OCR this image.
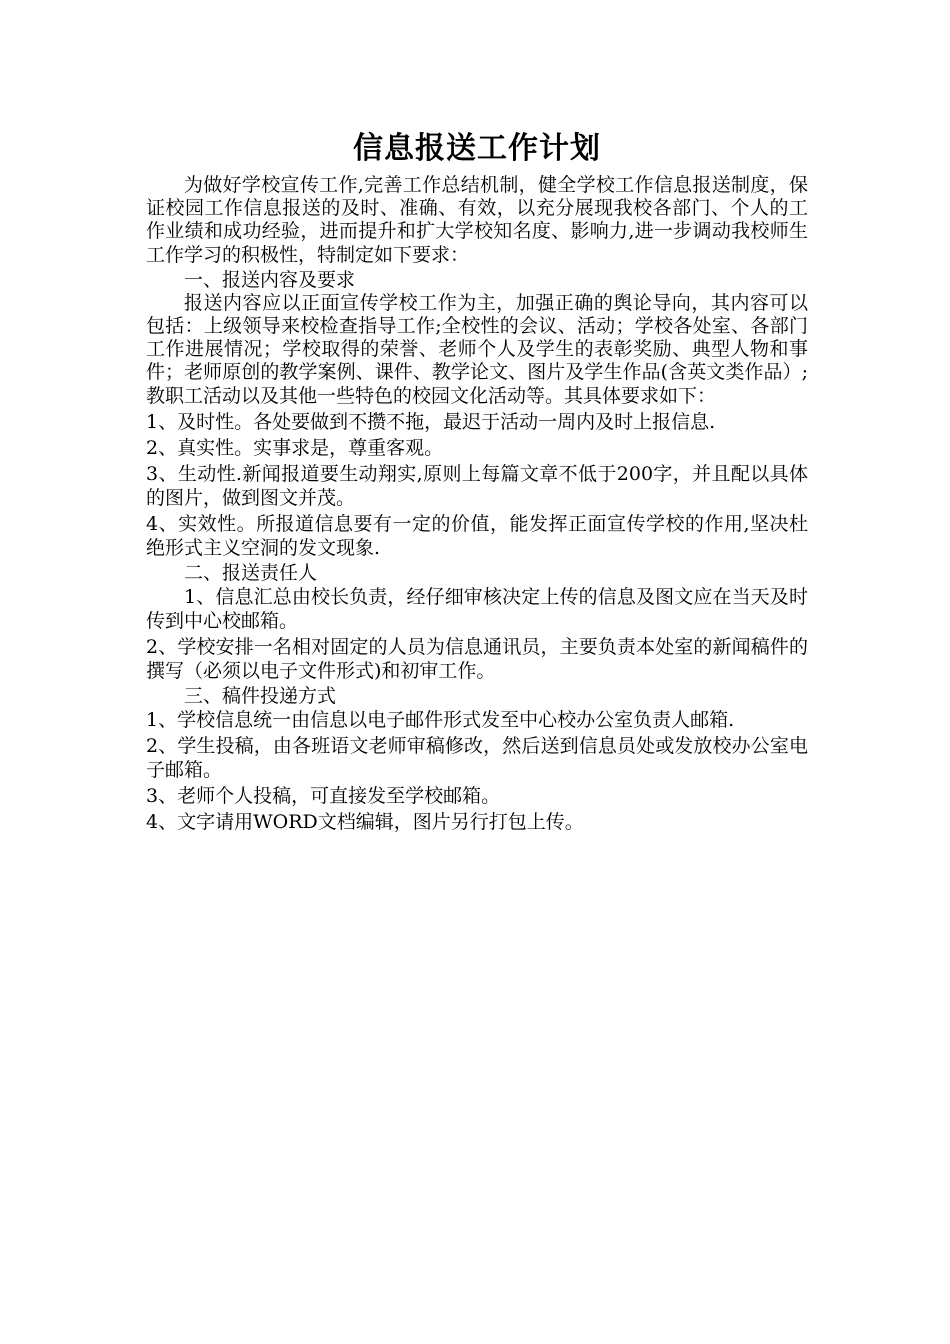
信息报送工作计划

为做好学校宣传工作,完善工作总结机制，健全学校工作信息报送制度，保证校园工作信息报送的及时、准确、有效，以充分展现我校各部门、个人的工作业绩和成功经验，进而提升和扩大学校知名度、影响力,进一步调动我校师生工作学习的积极性，特制定如下要求：

一、报送内容及要求

报送内容应以正面宣传学校工作为主，加强正确的舆论导向，其内容可以包括：上级领导来校检查指导工作;全校性的会议、活动；学校各处室、各部门工作进展情况；学校取得的荣誉、老师个人及学生的表彰奖励、典型人物和事件；老师原创的教学案例、课件、教学论文、图片及学生作品(含英文类作品）;教职工活动以及其他一些特色的校园文化活动等。其具体要求如下：

1、及时性。各处要做到不攒不拖，最迟于活动一周内及时上报信息.

2、真实性。实事求是，尊重客观。

3、生动性.新闻报道要生动翔实,原则上每篇文章不低于200字，并且配以具体的图片，做到图文并茂。

4、实效性。所报道信息要有一定的价值，能发挥正面宣传学校的作用,坚决杜绝形式主义空洞的发文现象.

二、报送责任人

1、信息汇总由校长负责，经仔细审核决定上传的信息及图文应在当天及时传到中心校邮箱。

2、学校安排一名相对固定的人员为信息通讯员，主要负责本处室的新闻稿件的撰写（必须以电子文件形式)和初审工作。

三、稿件投递方式

1、学校信息统一由信息以电子邮件形式发至中心校办公室负责人邮箱.

2、学生投稿，由各班语文老师审稿修改，然后送到信息员处或发放校办公室电子邮箱。

3、老师个人投稿，可直接发至学校邮箱。

4、文字请用WORD文档编辑，图片另行打包上传。
